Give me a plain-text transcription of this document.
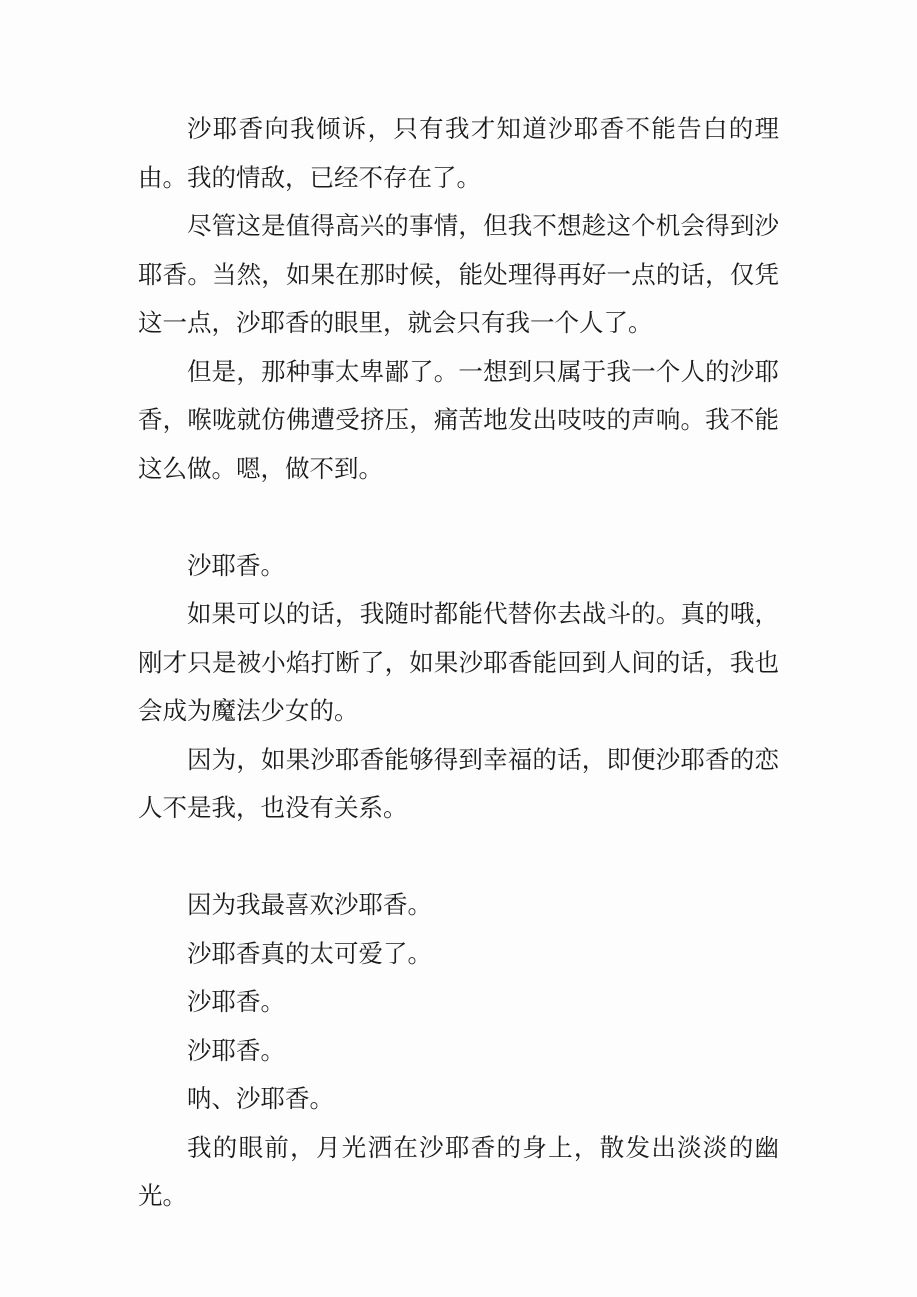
沙耶香向我倾诉，只有我才知道沙耶香不能告白的理由。我的情敌，已经不存在了。

尽管这是值得高兴的事情，但我不想趁这个机会得到沙耶香。当然，如果在那时候，能处理得再好一点的话，仅凭这一点，沙耶香的眼里，就会只有我一个人了。

但是，那种事太卑鄙了。一想到只属于我一个人的沙耶香，喉咙就仿佛遭受挤压，痛苦地发出吱吱的声响。我不能这么做。嗯，做不到。

沙耶香。

如果可以的话，我随时都能代替你去战斗的。真的哦，刚才只是被小焰打断了，如果沙耶香能回到人间的话，我也会成为魔法少女的。

因为，如果沙耶香能够得到幸福的话，即便沙耶香的恋人不是我，也没有关系。

因为我最喜欢沙耶香。

沙耶香真的太可爱了。

沙耶香。

沙耶香。

呐、沙耶香。

我的眼前，月光洒在沙耶香的身上，散发出淡淡的幽光。
